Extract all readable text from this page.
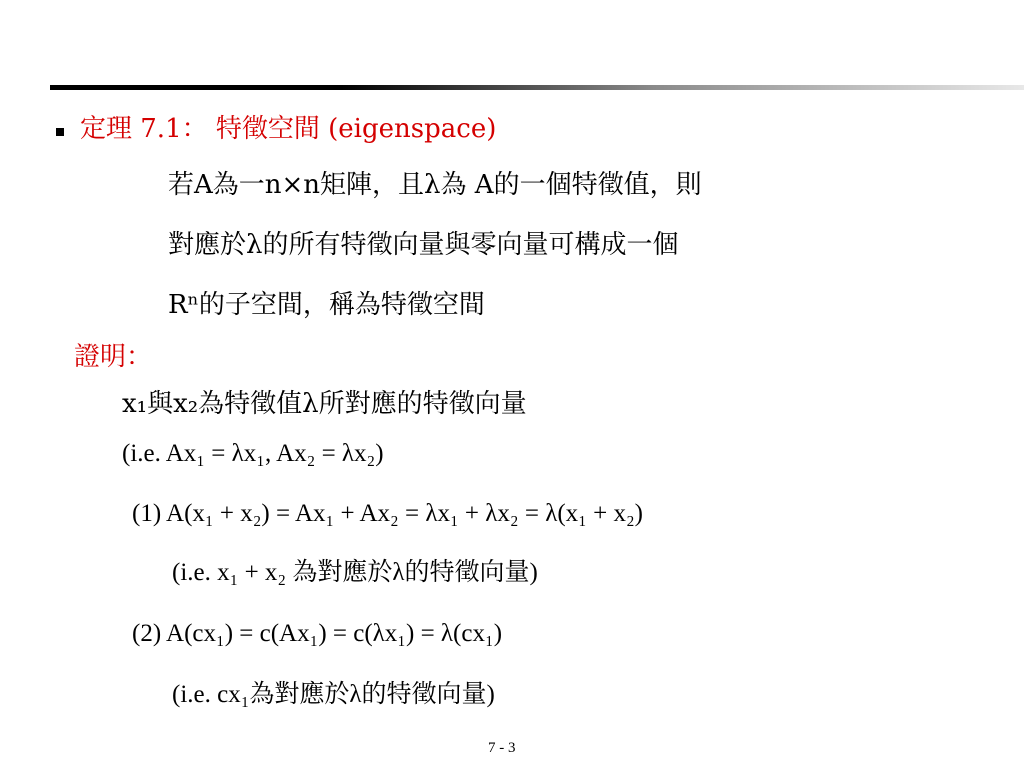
定理 7.1： 特徵空間 (eigenspace)
若A為一n×n矩陣，且λ為 A的一個特徵值，則
對應於λ的所有特徵向量與零向量可構成一個
Rⁿ的子空間，稱為特徵空間
證明：
x₁與x₂為特徵值λ所對應的特徵向量
(i.e. Ax₁ = λx₁, Ax₂ = λx₂)
(1) A(x₁ + x₂) = Ax₁ + Ax₂ = λx₁ + λx₂ = λ(x₁ + x₂)
(i.e. x₁ + x₂ 為對應於λ的特徵向量)
(2) A(cx₁) = c(Ax₁) = c(λx₁) = λ(cx₁)
(i.e. cx₁為對應於λ的特徵向量)
7 - 3
